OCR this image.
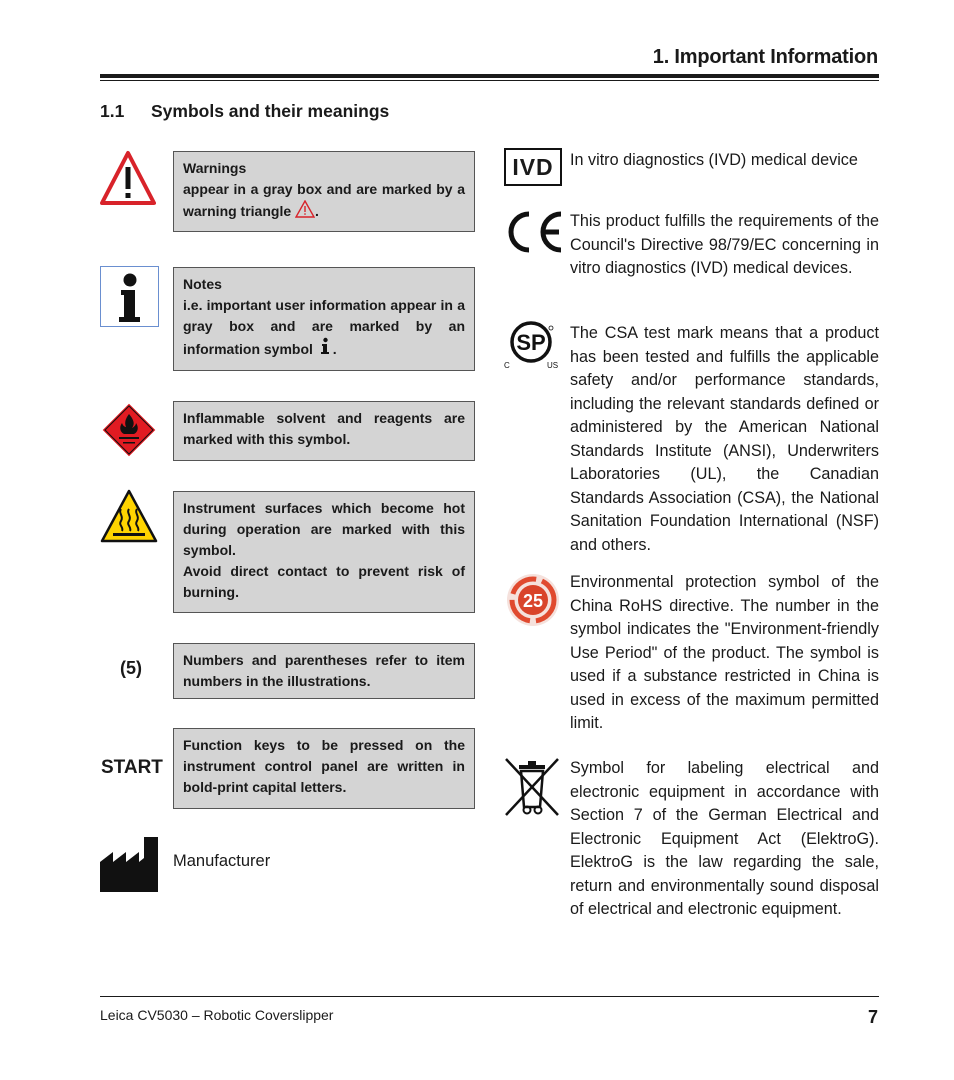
1. Important Information
1.1 Symbols and their meanings
Warnings
appear in a gray box and are marked by a warning triangle .
Notes
i.e. important user information appear in a gray box and are marked by an information symbol .
Inflammable solvent and reagents are marked with this symbol.
Instrument surfaces which become hot during operation are marked with this symbol.
Avoid direct contact to prevent risk of burning.
(5)	Numbers and parentheses refer to item numbers in the illustrations.
START
Function keys to be pressed on the instrument control panel are written in bold-print capital letters.
Manufacturer
IVD	In vitro diagnostics (IVD) medical device
This product fulfills the requirements of the Council's Directive 98/79/EC concerning in vitro diagnostics (IVD) medical devices.
SP
C	US
The CSA test mark means that a product has been tested and fulfills the applicable safety and/or performance standards, including the relevant standards defined or administered by the American National Standards Institute (ANSI), Underwriters Laboratories (UL), the Canadian Standards Association (CSA), the National Sanitation Foundation International (NSF) and others.
25
Environmental protection symbol of the China RoHS directive. The number in the symbol indicates the "Environment-friendly Use Period" of the product. The symbol is used if a substance restricted in China is used in excess of the maximum permitted limit.
Symbol for labeling electrical and electronic equipment in accordance with Section 7 of the German Electrical and Electronic Equipment Act (ElektroG). ElektroG is the law regarding the sale, return and environmentally sound disposal of electrical and electronic equipment.
Leica CV5030 – Robotic Coverslipper	7
